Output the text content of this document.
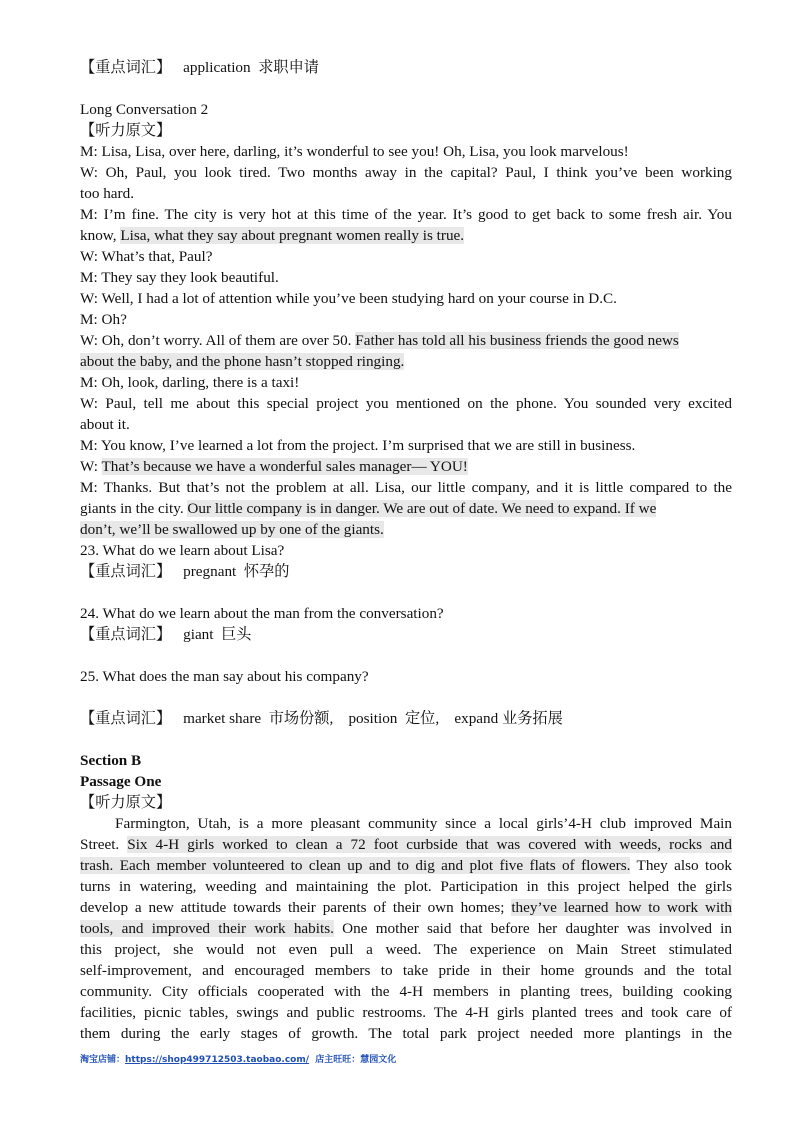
【重点词汇】 application  求职申请
Long Conversation 2
【听力原文】
M: Lisa, Lisa, over here, darling, it’s wonderful to see you! Oh, Lisa, you look marvelous!
W: Oh, Paul, you look tired. Two months away in the capital? Paul, I think you’ve been working
too hard.
M: I’m fine. The city is very hot at this time of the year. It’s good to get back to some fresh air. You
know, Lisa, what they say about pregnant women really is true.
W: What’s that, Paul?
M: They say they look beautiful.
W: Well, I had a lot of attention while you’ve been studying hard on your course in D.C.
M: Oh?
W: Oh, don’t worry. All of them are over 50. Father has told all his business friends the good news
about the baby, and the phone hasn’t stopped ringing.
M: Oh, look, darling, there is a taxi!
W: Paul, tell me about this special project you mentioned on the phone. You sounded very excited
about it.
M: You know, I’ve learned a lot from the project. I’m surprised that we are still in business.
W: That’s because we have a wonderful sales manager— YOU!
M: Thanks. But that’s not the problem at all. Lisa, our little company, and it is little compared to the
giants in the city. Our little company is in danger. We are out of date. We need to expand. If we
don’t, we’ll be swallowed up by one of the giants.
23. What do we learn about Lisa?
【重点词汇】 pregnant  怀孕的
24. What do we learn about the man from the conversation?
【重点词汇】 giant  巨头
25. What does the man say about his company?
【重点词汇】 market share  市场份额,    position  定位,    expand 业务拓展
Section B
Passage One
【听力原文】
Farmington, Utah, is a more pleasant community since a local girls’4-H club improved Main
Street. Six 4-H girls worked to clean a 72 foot curbside that was covered with weeds, rocks and
trash. Each member volunteered to clean up and to dig and plot five flats of flowers. They also took
turns in watering, weeding and maintaining the plot. Participation in this project helped the girls
develop a new attitude towards their parents of their own homes; they’ve learned how to work with
tools, and improved their work habits. One mother said that before her daughter was involved in
this project, she would not even pull a weed. The experience on Main Street stimulated
self-improvement, and encouraged members to take pride in their home grounds and the total
community. City officials cooperated with the 4-H members in planting trees, building cooking
facilities, picnic tables, swings and public restrooms. The 4-H girls planted trees and took care of
them during the early stages of growth. The total park project needed more plantings in the
淘宝店铺：https://shop499712503.taobao.com/  店主旺旺：慧园文化
